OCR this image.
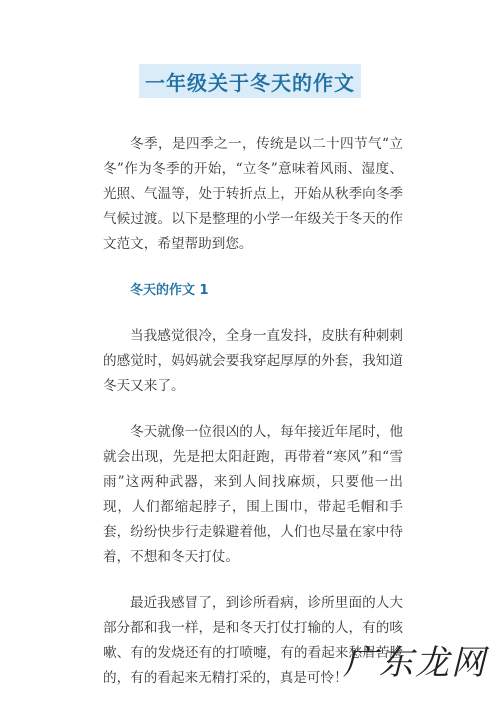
一年级关于冬天的作文

冬季，是四季之一，传统是以二十四节气“立冬”作为冬季的开始，“立冬”意味着风雨、湿度、光照、气温等，处于转折点上，开始从秋季向冬季气候过渡。以下是整理的小学一年级关于冬天的作文范文，希望帮助到您。

冬天的作文 1

当我感觉很冷，全身一直发抖，皮肤有种刺刺的感觉时，妈妈就会要我穿起厚厚的外套，我知道冬天又来了。

冬天就像一位很凶的人，每年接近年尾时，他就会出现，先是把太阳赶跑，再带着“寒风”和“雪雨”这两种武器，来到人间找麻烦，只要他一出现，人们都缩起脖子，围上围巾，带起毛帽和手套，纷纷快步行走躲避着他，人们也尽量在家中待着，不想和冬天打仗。

最近我感冒了，到诊所看病，诊所里面的人大部分都和我一样，是和冬天打仗打输的人，有的咳嗽、有的发烧还有的打喷嚏，有的看起来愁眉苦脸的，有的看起来无精打采的，真是可怜！

广东龙网
